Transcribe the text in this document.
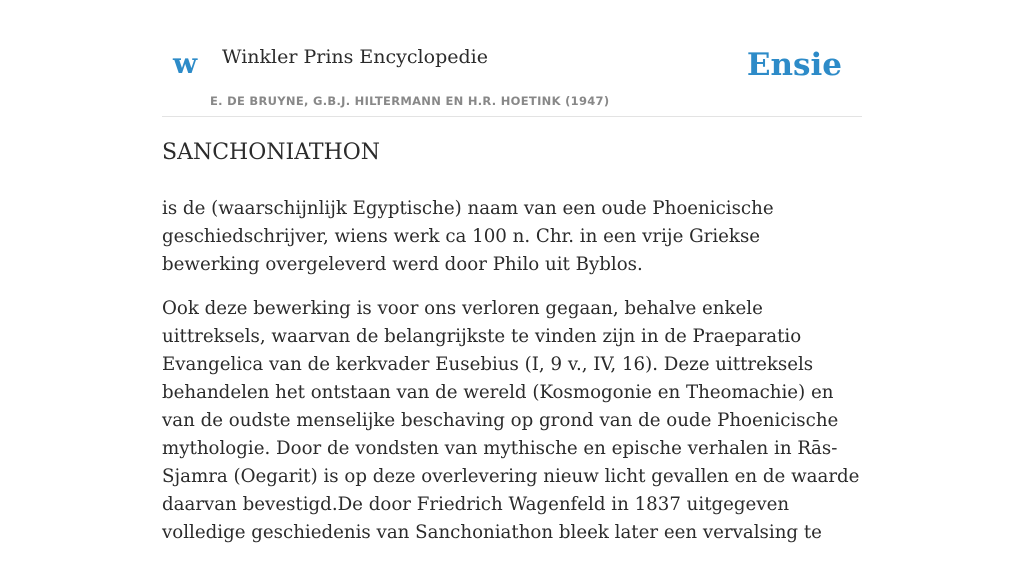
w Winkler Prins Encyclopedie
E. DE BRUYNE, G.B.J. HILTERMANN EN H.R. HOETINK (1947)
Ensie
SANCHONIATHON

is de (waarschijnlijk Egyptische) naam van een oude Phoenicische geschiedschrijver, wiens werk ca 100 n. Chr. in een vrije Griekse bewerking overgeleverd werd door Philo uit Byblos.

Ook deze bewerking is voor ons verloren gegaan, behalve enkele uittreksels, waarvan de belangrijkste te vinden zijn in de Praeparatio Evangelica van de kerkvader Eusebius (I, 9 v., IV, 16). Deze uittreksels behandelen het ontstaan van de wereld (Kosmogonie en Theomachie) en van de oudste menselijke beschaving op grond van de oude Phoenicische mythologie. Door de vondsten van mythische en epische verhalen in Rās-Sjamra (Oegarit) is op deze overlevering nieuw licht gevallen en de waarde daarvan bevestigd.De door Friedrich Wagenfeld in 1837 uitgegeven volledige geschiedenis van Sanchoniathon bleek later een vervalsing te
